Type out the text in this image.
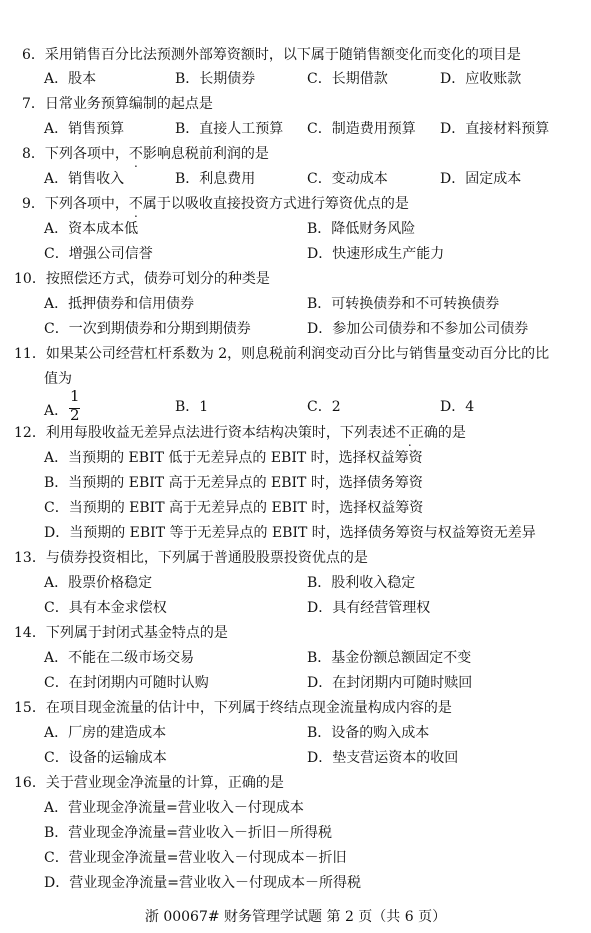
6．采用销售百分比法预测外部筹资额时，以下属于随销售额变化而变化的项目是
A．股本	B．长期债券	C．长期借款	D．应收账款
7．日常业务预算编制的起点是
A．销售预算	B．直接人工预算 C．制造费用预算 D．直接材料预算
8．下列各项中，不影响息税前利润的是
A．销售收入	B．利息费用	C．变动成本	D．固定成本
9．下列各项中，不属于以吸收直接投资方式进行筹资优点的是
A．资本成本低	B．降低财务风险
C．增强公司信誉	D．快速形成生产能力
10．按照偿还方式，债券可划分的种类是
A．抵押债券和信用债券	B．可转换债券和不可转换债券
C．一次到期债券和分期到期债券	D．参加公司债券和不参加公司债券
11．如果某公司经营杠杆系数为 2，则息税前利润变动百分比与销售量变动百分比的比
值为
A．
1
2	B．1	C．2	D．4
12．利用每股收益无差异点法进行资本结构决策时，下列表述不正确的是
A．当预期的 EBIT 低于无差异点的 EBIT 时，选择权益筹资
B．当预期的 EBIT 高于无差异点的 EBIT 时，选择债务筹资
C．当预期的 EBIT 高于无差异点的 EBIT 时，选择权益筹资
D．当预期的 EBIT 等于无差异点的 EBIT 时，选择债务筹资与权益筹资无差异
13．与债券投资相比，下列属于普通股股票投资优点的是
A．股票价格稳定	B．股利收入稳定
C．具有本金求偿权	D．具有经营管理权
14．下列属于封闭式基金特点的是
A．不能在二级市场交易	B．基金份额总额固定不变
C．在封闭期内可随时认购	D．在封闭期内可随时赎回
15．在项目现金流量的估计中，下列属于终结点现金流量构成内容的是
A．厂房的建造成本	B．设备的购入成本
C．设备的运输成本	D．垫支营运资本的收回
16．关于营业现金净流量的计算，正确的是
A．营业现金净流量=营业收入－付现成本
B．营业现金净流量=营业收入－折旧－所得税
C．营业现金净流量=营业收入－付现成本－折旧
D．营业现金净流量=营业收入－付现成本－所得税
浙 00067# 财务管理学试题 第 2 页（共 6 页）
